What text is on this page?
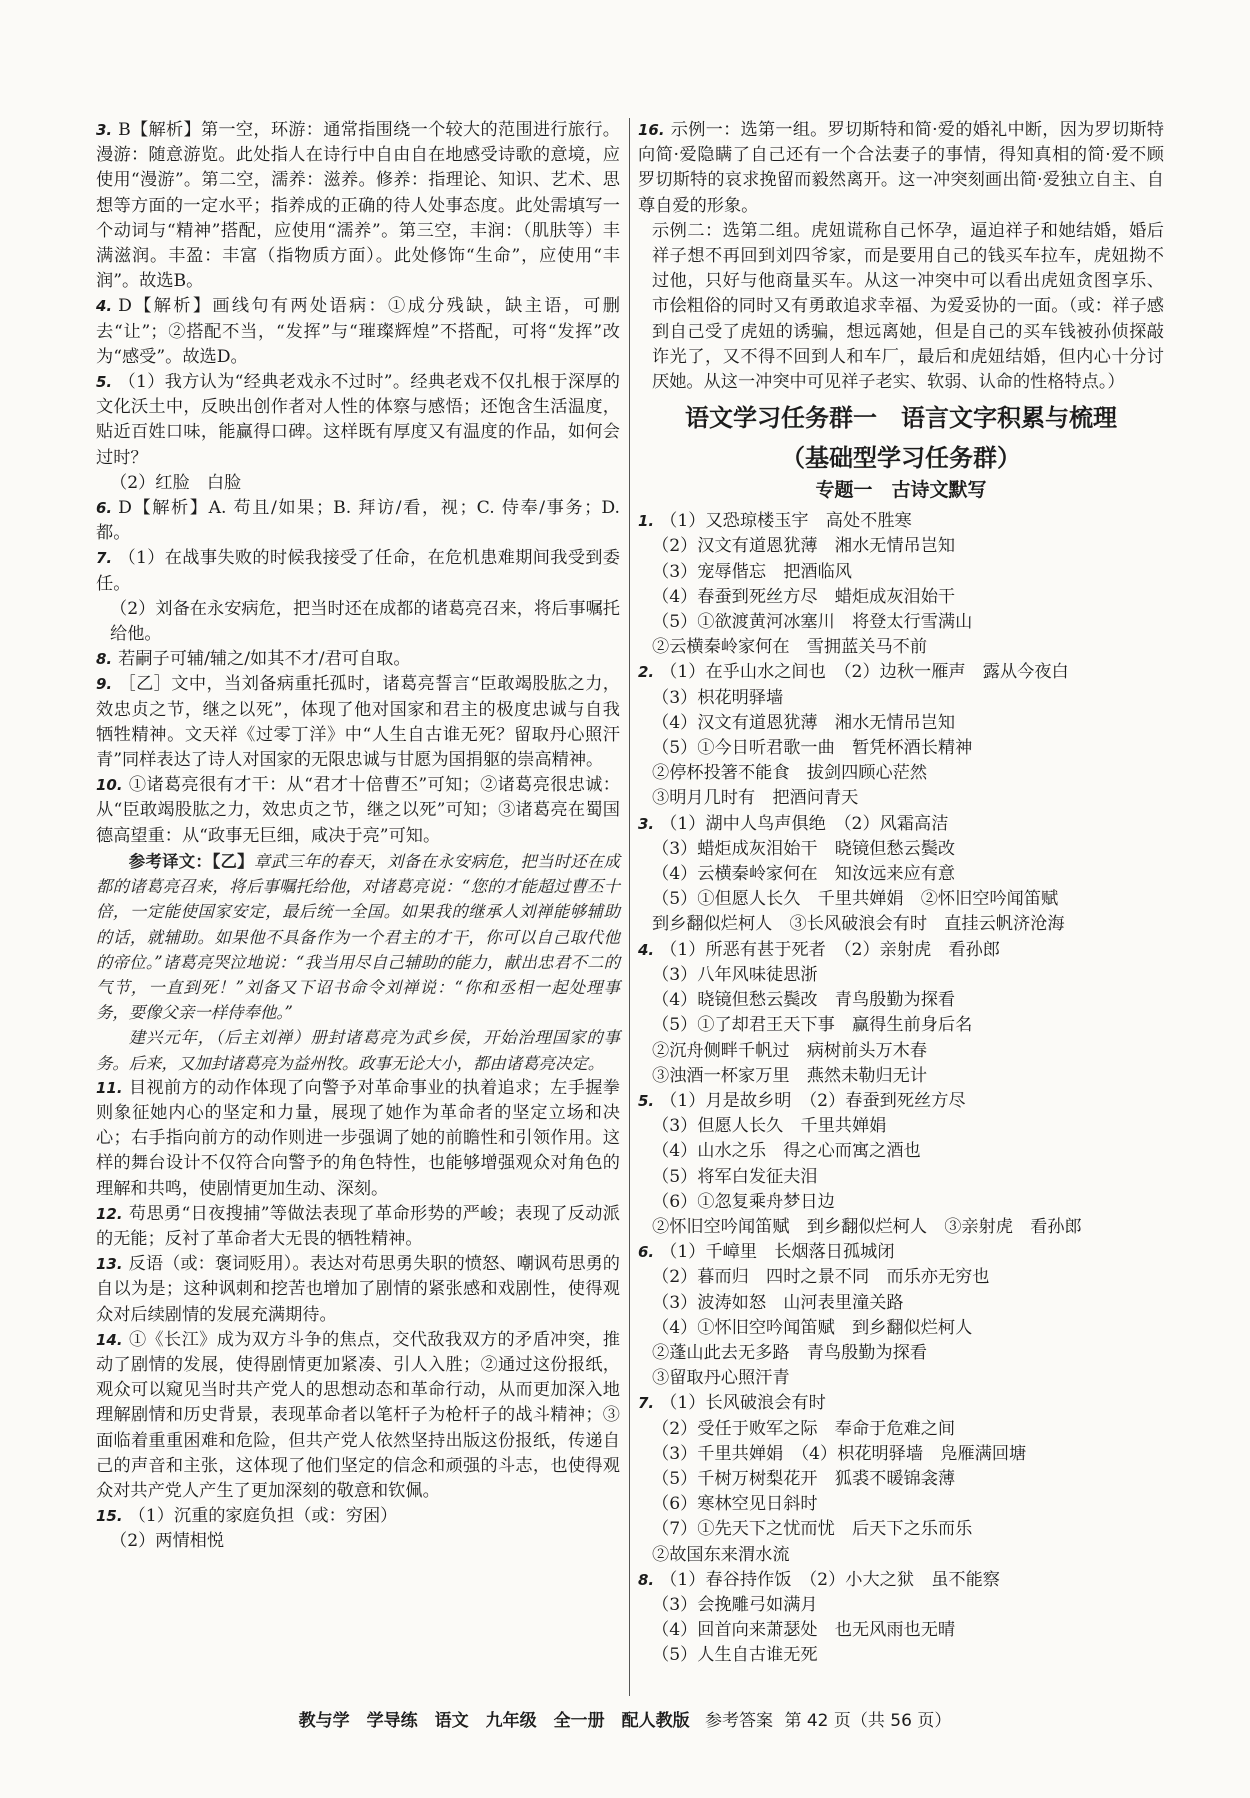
3. B【解析】第一空，环游：通常指围绕一个较大的范围进行旅行。漫游：随意游览。此处指人在诗行中自由自在地感受诗歌的意境，应使用“漫游”。第二空，濡养：滋养。修养：指理论、知识、艺术、思想等方面的一定水平；指养成的正确的待人处事态度。此处需填写一个动词与“精神”搭配，应使用“濡养”。第三空，丰润：（肌肤等）丰满滋润。丰盈：丰富（指物质方面）。此处修饰“生命”，应使用“丰润”。故选B。

4. D【解析】画线句有两处语病：①成分残缺，缺主语，可删去“让”；②搭配不当，“发挥”与“璀璨辉煌”不搭配，可将“发挥”改为“感受”。故选D。

5. （1）我方认为“经典老戏永不过时”。经典老戏不仅扎根于深厚的文化沃土中，反映出创作者对人性的体察与感悟；还饱含生活温度，贴近百姓口味，能赢得口碑。这样既有厚度又有温度的作品，如何会过时？
（2）红脸　白脸

6. D【解析】A. 苟且/如果；B. 拜访/看，视；C. 侍奉/事务；D. 都。

7. （1）在战事失败的时候我接受了任命，在危机患难期间我受到委任。
（2）刘备在永安病危，把当时还在成都的诸葛亮召来，将后事嘱托给他。

8. 若嗣子可辅/辅之/如其不才/君可自取。

9. ［乙］文中，当刘备病重托孤时，诸葛亮誓言“臣敢竭股肱之力，效忠贞之节，继之以死”，体现了他对国家和君主的极度忠诚与自我牺牲精神。文天祥《过零丁洋》中“人生自古谁无死？留取丹心照汗青”同样表达了诗人对国家的无限忠诚与甘愿为国捐躯的崇高精神。

10. ①诸葛亮很有才干：从“君才十倍曹丕”可知；②诸葛亮很忠诚：从“臣敢竭股肱之力，效忠贞之节，继之以死”可知；③诸葛亮在蜀国德高望重：从“政事无巨细，咸决于亮”可知。

参考译文：【乙】章武三年的春天，刘备在永安病危，把当时还在成都的诸葛亮召来，将后事嘱托给他，对诸葛亮说：“您的才能超过曹丕十倍，一定能使国家安定，最后统一全国。如果我的继承人刘禅能够辅助的话，就辅助。如果他不具备作为一个君主的才干，你可以自己取代他的帝位。”诸葛亮哭泣地说：“我当用尽自己辅助的能力，献出忠君不二的气节，一直到死！”刘备又下诏书命令刘禅说：“你和丞相一起处理事务，要像父亲一样侍奉他。”
建兴元年，（后主刘禅）册封诸葛亮为武乡侯，开始治理国家的事务。后来，又加封诸葛亮为益州牧。政事无论大小，都由诸葛亮决定。

11. 目视前方的动作体现了向警予对革命事业的执着追求；左手握拳则象征她内心的坚定和力量，展现了她作为革命者的坚定立场和决心；右手指向前方的动作则进一步强调了她的前瞻性和引领作用。这样的舞台设计不仅符合向警予的角色特性，也能够增强观众对角色的理解和共鸣，使剧情更加生动、深刻。

12. 苟思勇“日夜搜捕”等做法表现了革命形势的严峻；表现了反动派的无能；反衬了革命者大无畏的牺牲精神。

13. 反语（或：褒词贬用）。表达对苟思勇失职的愤怒、嘲讽苟思勇的自以为是；这种讽刺和挖苦也增加了剧情的紧张感和戏剧性，使得观众对后续剧情的发展充满期待。

14. ①《长江》成为双方斗争的焦点，交代敌我双方的矛盾冲突，推动了剧情的发展，使得剧情更加紧凑、引人入胜；②通过这份报纸，观众可以窥见当时共产党人的思想动态和革命行动，从而更加深入地理解剧情和历史背景，表现革命者以笔杆子为枪杆子的战斗精神；③面临着重重困难和危险，但共产党人依然坚持出版这份报纸，传递自己的声音和主张，这体现了他们坚定的信念和顽强的斗志，也使得观众对共产党人产生了更加深刻的敬意和钦佩。

15. （1）沉重的家庭负担（或：穷困）
（2）两情相悦

16. 示例一：选第一组。罗切斯特和简·爱的婚礼中断，因为罗切斯特向简·爱隐瞒了自己还有一个合法妻子的事情，得知真相的简·爱不顾罗切斯特的哀求挽留而毅然离开。这一冲突刻画出简·爱独立自主、自尊自爱的形象。
示例二：选第二组。虎妞谎称自己怀孕，逼迫祥子和她结婚，婚后祥子想不再回到刘四爷家，而是要用自己的钱买车拉车，虎妞拗不过他，只好与他商量买车。从这一冲突中可以看出虎妞贪图享乐、市侩粗俗的同时又有勇敢追求幸福、为爱妥协的一面。（或：祥子感到自己受了虎妞的诱骗，想远离她，但是自己的买车钱被孙侦探敲诈光了，又不得不回到人和车厂，最后和虎妞结婚，但内心十分讨厌她。从这一冲突中可见祥子老实、软弱、认命的性格特点。）

语文学习任务群一　语言文字积累与梳理
（基础型学习任务群）
专题一　古诗文默写

1. （1）又恐琼楼玉宇　高处不胜寒
（2）汉文有道恩犹薄　湘水无情吊岂知
（3）宠辱偕忘　把酒临风
（4）春蚕到死丝方尽　蜡炬成灰泪始干
（5）①欲渡黄河冰塞川　将登太行雪满山
②云横秦岭家何在　雪拥蓝关马不前

2. （1）在乎山水之间也　（2）边秋一雁声　露从今夜白
（3）枳花明驿墙
（4）汉文有道恩犹薄　湘水无情吊岂知
（5）①今日听君歌一曲　暂凭杯酒长精神
②停杯投箸不能食　拔剑四顾心茫然
③明月几时有　把酒问青天

3. （1）湖中人鸟声俱绝　（2）风霜高洁
（3）蜡炬成灰泪始干　晓镜但愁云鬓改
（4）云横秦岭家何在　知汝远来应有意
（5）①但愿人长久　千里共婵娟　②怀旧空吟闻笛赋
到乡翻似烂柯人　③长风破浪会有时　直挂云帆济沧海

4. （1）所恶有甚于死者　（2）亲射虎　看孙郎
（3）八年风味徒思浙
（4）晓镜但愁云鬓改　青鸟殷勤为探看
（5）①了却君王天下事　赢得生前身后名
②沉舟侧畔千帆过　病树前头万木春
③浊酒一杯家万里　燕然未勒归无计

5. （1）月是故乡明　（2）春蚕到死丝方尽
（3）但愿人长久　千里共婵娟
（4）山水之乐　得之心而寓之酒也
（5）将军白发征夫泪
（6）①忽复乘舟梦日边
②怀旧空吟闻笛赋　到乡翻似烂柯人　③亲射虎　看孙郎

6. （1）千嶂里　长烟落日孤城闭
（2）暮而归　四时之景不同　而乐亦无穷也
（3）波涛如怒　山河表里潼关路
（4）①怀旧空吟闻笛赋　到乡翻似烂柯人
②蓬山此去无多路　青鸟殷勤为探看
③留取丹心照汗青

7. （1）长风破浪会有时
（2）受任于败军之际　奉命于危难之间
（3）千里共婵娟　（4）枳花明驿墙　凫雁满回塘
（5）千树万树梨花开　狐裘不暖锦衾薄
（6）寒林空见日斜时
（7）①先天下之忧而忧　后天下之乐而乐
②故国东来渭水流

8. （1）春谷持作饭　（2）小大之狱　虽不能察
（3）会挽雕弓如满月
（4）回首向来萧瑟处　也无风雨也无晴
（5）人生自古谁无死

教与学　学导练　语文　九年级　全一册　配人教版 参考答案 第 42 页（共 56 页）
